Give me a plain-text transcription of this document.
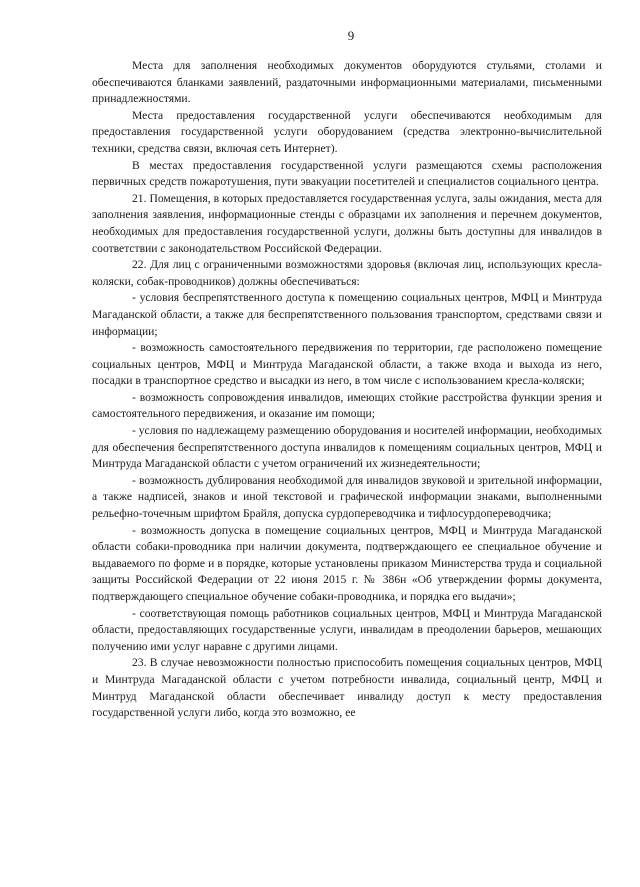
9

Места для заполнения необходимых документов оборудуются стульями, столами и обеспечиваются бланками заявлений, раздаточными информационными материалами, письменными принадлежностями.

Места предоставления государственной услуги обеспечиваются необходимым для предоставления государственной услуги оборудованием (средства электронно-вычислительной техники, средства связи, включая сеть Интернет).

В местах предоставления государственной услуги размещаются схемы расположения первичных средств пожаротушения, пути эвакуации посетителей и специалистов социального центра.

21. Помещения, в которых предоставляется государственная услуга, залы ожидания, места для заполнения заявления, информационные стенды с образцами их заполнения и перечнем документов, необходимых для предоставления государственной услуги, должны быть доступны для инвалидов в соответствии с законодательством Российской Федерации.

22. Для лиц с ограниченными возможностями здоровья (включая лиц, использующих кресла-коляски, собак-проводников) должны обеспечиваться:

- условия беспрепятственного доступа к помещению социальных центров, МФЦ и Минтруда Магаданской области, а также для беспрепятственного пользования транспортом, средствами связи и информации;

- возможность самостоятельного передвижения по территории, где расположено помещение социальных центров, МФЦ и Минтруда Магаданской области, а также входа и выхода из него, посадки в транспортное средство и высадки из него, в том числе с использованием кресла-коляски;

- возможность сопровождения инвалидов, имеющих стойкие расстройства функции зрения и самостоятельного передвижения, и оказание им помощи;

- условия по надлежащему размещению оборудования и носителей информации, необходимых для обеспечения беспрепятственного доступа инвалидов к помещениям социальных центров, МФЦ и Минтруда Магаданской области с учетом ограничений их жизнедеятельности;

- возможность дублирования необходимой для инвалидов звуковой и зрительной информации, а также надписей, знаков и иной текстовой и графической информации знаками, выполненными рельефно-точечным шрифтом Брайля, допуска сурдопереводчика и тифлосурдопереводчика;

- возможность допуска в помещение социальных центров, МФЦ и Минтруда Магаданской области собаки-проводника при наличии документа, подтверждающего ее специальное обучение и выдаваемого по форме и в порядке, которые установлены приказом Министерства труда и социальной защиты Российской Федерации от 22 июня 2015 г. № 386н «Об утверждении формы документа, подтверждающего специальное обучение собаки-проводника, и порядка его выдачи»;

- соответствующая помощь работников социальных центров, МФЦ и Минтруда Магаданской области, предоставляющих государственные услуги, инвалидам в преодолении барьеров, мешающих получению ими услуг наравне с другими лицами.

23. В случае невозможности полностью приспособить помещения социальных центров, МФЦ и Минтруда Магаданской области с учетом потребности инвалида, социальный центр, МФЦ и Минтруд Магаданской области обеспечивает инвалиду доступ к месту предоставления государственной услуги либо, когда это возможно, ее
